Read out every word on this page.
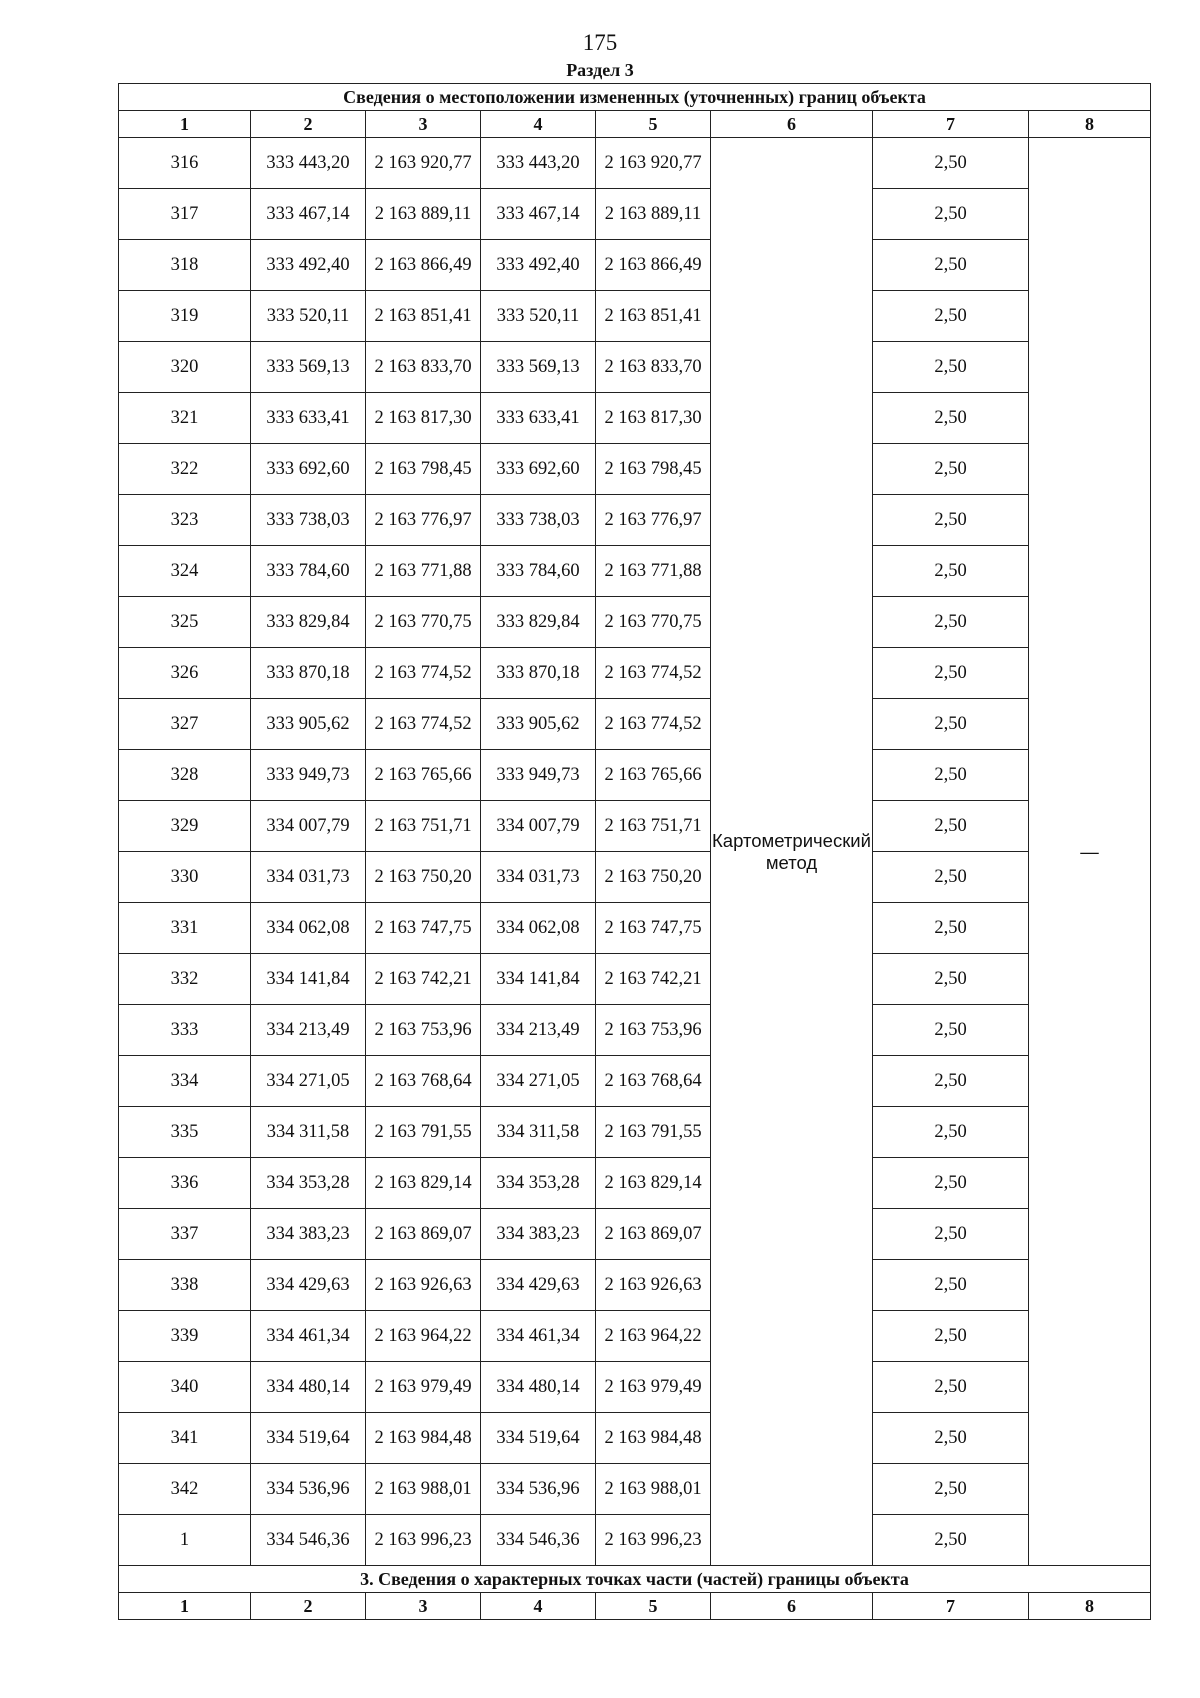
175
Раздел 3
Сведения о местоположении измененных (уточненных) границ объекта							
1	2	3	4	5	6	7	8
316	333 443,20	2 163 920,77	333 443,20	2 163 920,77	Картометрический метод	2,50	—
317	333 467,14	2 163 889,11	333 467,14	2 163 889,11		2,50	
318	333 492,40	2 163 866,49	333 492,40	2 163 866,49		2,50	
319	333 520,11	2 163 851,41	333 520,11	2 163 851,41		2,50	
320	333 569,13	2 163 833,70	333 569,13	2 163 833,70		2,50	
321	333 633,41	2 163 817,30	333 633,41	2 163 817,30		2,50	
322	333 692,60	2 163 798,45	333 692,60	2 163 798,45		2,50	
323	333 738,03	2 163 776,97	333 738,03	2 163 776,97		2,50	
324	333 784,60	2 163 771,88	333 784,60	2 163 771,88		2,50	
325	333 829,84	2 163 770,75	333 829,84	2 163 770,75		2,50	
326	333 870,18	2 163 774,52	333 870,18	2 163 774,52		2,50	
327	333 905,62	2 163 774,52	333 905,62	2 163 774,52		2,50	
328	333 949,73	2 163 765,66	333 949,73	2 163 765,66		2,50	
329	334 007,79	2 163 751,71	334 007,79	2 163 751,71		2,50	
330	334 031,73	2 163 750,20	334 031,73	2 163 750,20		2,50	
331	334 062,08	2 163 747,75	334 062,08	2 163 747,75		2,50	
332	334 141,84	2 163 742,21	334 141,84	2 163 742,21		2,50	
333	334 213,49	2 163 753,96	334 213,49	2 163 753,96		2,50	
334	334 271,05	2 163 768,64	334 271,05	2 163 768,64		2,50	
335	334 311,58	2 163 791,55	334 311,58	2 163 791,55		2,50	
336	334 353,28	2 163 829,14	334 353,28	2 163 829,14		2,50	
337	334 383,23	2 163 869,07	334 383,23	2 163 869,07		2,50	
338	334 429,63	2 163 926,63	334 429,63	2 163 926,63		2,50	
339	334 461,34	2 163 964,22	334 461,34	2 163 964,22		2,50	
340	334 480,14	2 163 979,49	334 480,14	2 163 979,49		2,50	
341	334 519,64	2 163 984,48	334 519,64	2 163 984,48		2,50	
342	334 536,96	2 163 988,01	334 536,96	2 163 988,01		2,50	
1	334 546,36	2 163 996,23	334 546,36	2 163 996,23		2,50	
3. Сведения о характерных точках части (частей) границы объекта							
1	2	3	4	5	6	7	8
